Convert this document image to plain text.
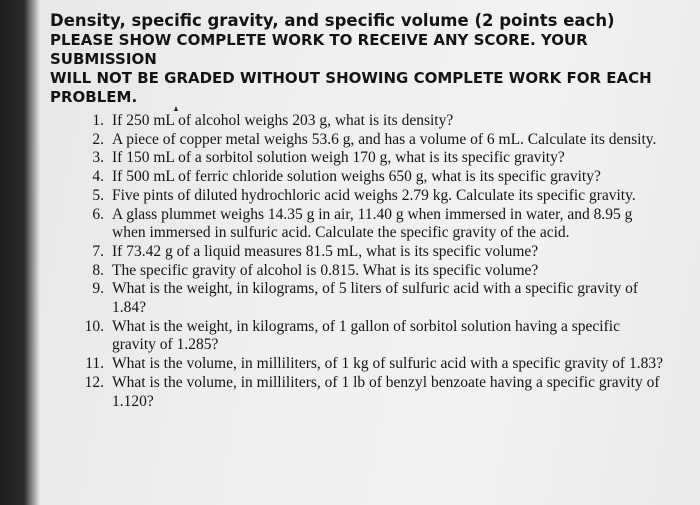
Density, specific gravity, and specific volume (2 points each)

PLEASE SHOW COMPLETE WORK TO RECEIVE ANY SCORE. YOUR SUBMISSION
WILL NOT BE GRADED WITHOUT SHOWING COMPLETE WORK FOR EACH
PROBLEM.

1. If 250 mL of alcohol weighs 203 g, what is its density?
2. A piece of copper metal weighs 53.6 g, and has a volume of 6 mL. Calculate its density.
3. If 150 mL of a sorbitol solution weigh 170 g, what is its specific gravity?
4. If 500 mL of ferric chloride solution weighs 650 g, what is its specific gravity?
5. Five pints of diluted hydrochloric acid weighs 2.79 kg. Calculate its specific gravity.
6. A glass plummet weighs 14.35 g in air, 11.40 g when immersed in water, and 8.95 g when immersed in sulfuric acid. Calculate the specific gravity of the acid.
7. If 73.42 g of a liquid measures 81.5 mL, what is its specific volume?
8. The specific gravity of alcohol is 0.815. What is its specific volume?
9. What is the weight, in kilograms, of 5 liters of sulfuric acid with a specific gravity of 1.84?
10. What is the weight, in kilograms, of 1 gallon of sorbitol solution having a specific gravity of 1.285?
11. What is the volume, in milliliters, of 1 kg of sulfuric acid with a specific gravity of 1.83?
12. What is the volume, in milliliters, of 1 lb of benzyl benzoate having a specific gravity of 1.120?
